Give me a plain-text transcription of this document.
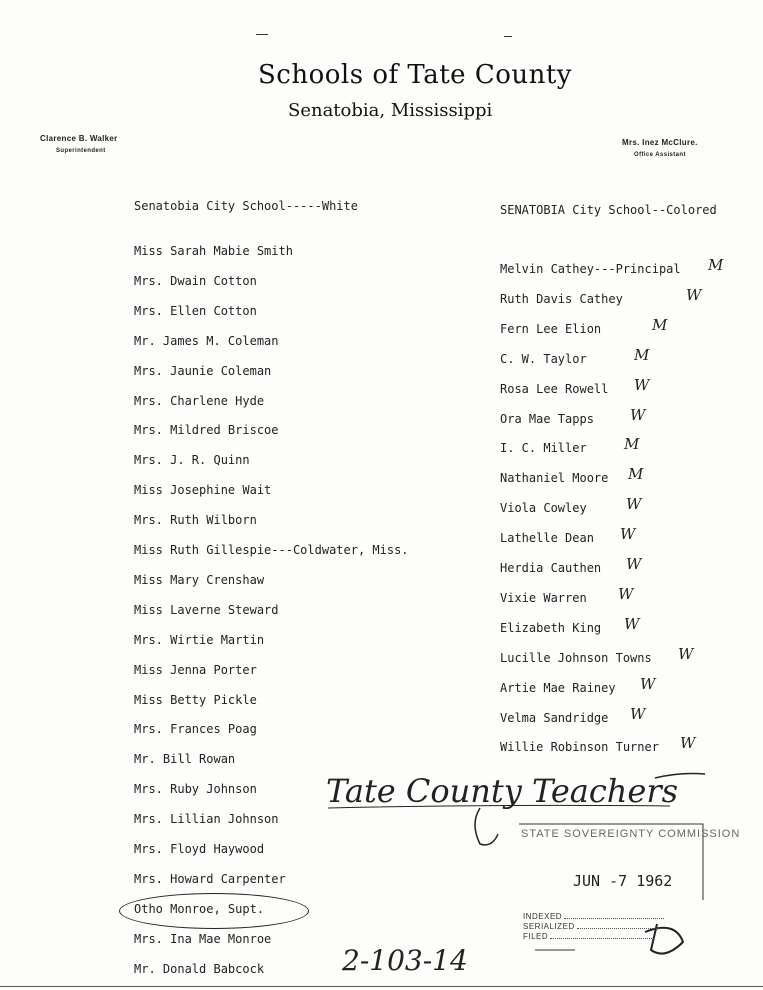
Schools of Tate County
Senatobia, Mississippi
Clarence B. Walker
Superintendent
Mrs. Inez McClure.
Office Assistant
Senatobia City School-----White
Miss Sarah Mabie Smith
Mrs. Dwain Cotton
Mrs. Ellen Cotton
Mr. James M. Coleman
Mrs. Jaunie Coleman
Mrs. Charlene Hyde
Mrs. Mildred Briscoe
Mrs. J. R. Quinn
Miss Josephine Wait
Mrs. Ruth Wilborn
Miss Ruth Gillespie---Coldwater, Miss.
Miss Mary Crenshaw
Miss Laverne Steward
Mrs. Wirtie Martin
Miss Jenna Porter
Miss Betty Pickle
Mrs. Frances Poag
Mr. Bill Rowan
Mrs. Ruby Johnson
Mrs. Lillian Johnson
Mrs. Floyd Haywood
Mrs. Howard Carpenter
Otho Monroe, Supt.
Mrs. Ina Mae Monroe
Mr. Donald Babcock
SENATOBIA City School--Colored
Melvin Cathey---Principal M
Ruth Davis Cathey	W
Fern Lee Elion	M
C. W. Taylor	M
Rosa Lee Rowell W
Ora Mae Tapps W
I. C. Miller M
Nathaniel Moore M
Viola Cowley	W
Lathelle Dean W
Herdia Cauthen W
Vixie Warren W
Elizabeth King W
Lucille Johnson Towns W
Artie Mae Rainey W
Velma Sandridge W
Willie Robinson Turner W
Tate County Teachers
2-103-14
STATE SOVEREIGNTY COMMISSION
JUN -7 1962
INDEXED
SERIALIZED
FILED
